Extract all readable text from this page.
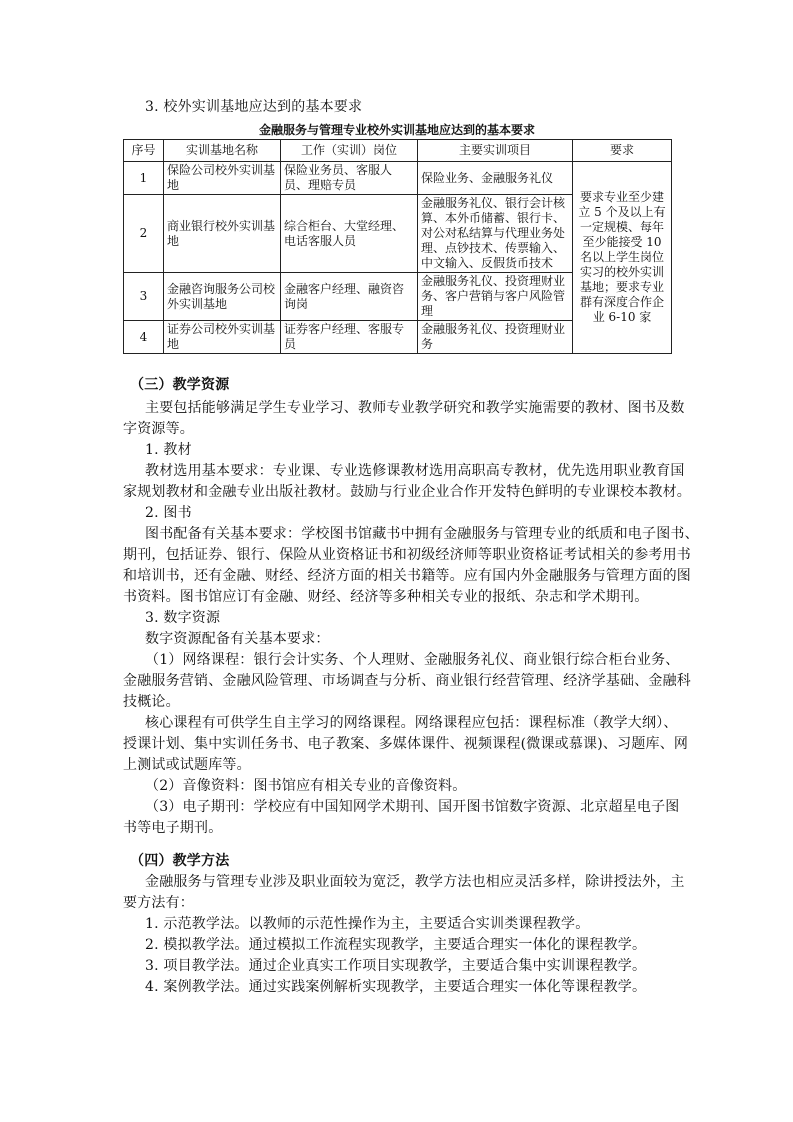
3. 校外实训基地应达到的基本要求
金融服务与管理专业校外实训基地应达到的基本要求
序号	实训基地名称	工作（实训）岗位	主要实训项目	要求
1	保险公司校外实训基地	保险业务员、客服人员、理赔专员	保险业务、金融服务礼仪	要求专业至少建立 5 个及以上有一定规模、每年至少能接受 10 名以上学生岗位实习的校外实训基地；要求专业群有深度合作企业 6-10 家
2	商业银行校外实训基地	综合柜台、大堂经理、电话客服人员	金融服务礼仪、银行会计核算、本外币储蓄、银行卡、对公对私结算与代理业务处理、点钞技术、传票输入、中文输入、反假货币技术	
3	金融咨询服务公司校外实训基地	金融客户经理、融资咨询岗	金融服务礼仪、投资理财业务、客户营销与客户风险管理	
4	证券公司校外实训基地	证券客户经理、客服专员	金融服务礼仪、投资理财业务	
（三）教学资源
主要包括能够满足学生专业学习、教师专业教学研究和教学实施需要的教材、图书及数
字资源等。
1. 教材
教材选用基本要求：专业课、专业选修课教材选用高职高专教材，优先选用职业教育国
家规划教材和金融专业出版社教材。鼓励与行业企业合作开发特色鲜明的专业课校本教材。
2. 图书
图书配备有关基本要求：学校图书馆藏书中拥有金融服务与管理专业的纸质和电子图书、
期刊，包括证券、银行、保险从业资格证书和初级经济师等职业资格证考试相关的参考用书
和培训书，还有金融、财经、经济方面的相关书籍等。应有国内外金融服务与管理方面的图
书资料。图书馆应订有金融、财经、经济等多种相关专业的报纸、杂志和学术期刊。
3. 数字资源
数字资源配备有关基本要求：
（1）网络课程：银行会计实务、个人理财、金融服务礼仪、商业银行综合柜台业务、
金融服务营销、金融风险管理、市场调查与分析、商业银行经营管理、经济学基础、金融科
技概论。
核心课程有可供学生自主学习的网络课程。网络课程应包括：课程标准（教学大纲）、
授课计划、集中实训任务书、电子教案、多媒体课件、视频课程(微课或慕课)、习题库、网
上测试或试题库等。
（2）音像资料：图书馆应有相关专业的音像资料。
（3）电子期刊：学校应有中国知网学术期刊、国开图书馆数字资源、北京超星电子图
书等电子期刊。
（四）教学方法
金融服务与管理专业涉及职业面较为宽泛，教学方法也相应灵活多样，除讲授法外，主
要方法有：
1. 示范教学法。以教师的示范性操作为主，主要适合实训类课程教学。
2. 模拟教学法。通过模拟工作流程实现教学，主要适合理实一体化的课程教学。
3. 项目教学法。通过企业真实工作项目实现教学，主要适合集中实训课程教学。
4. 案例教学法。通过实践案例解析实现教学，主要适合理实一体化等课程教学。
